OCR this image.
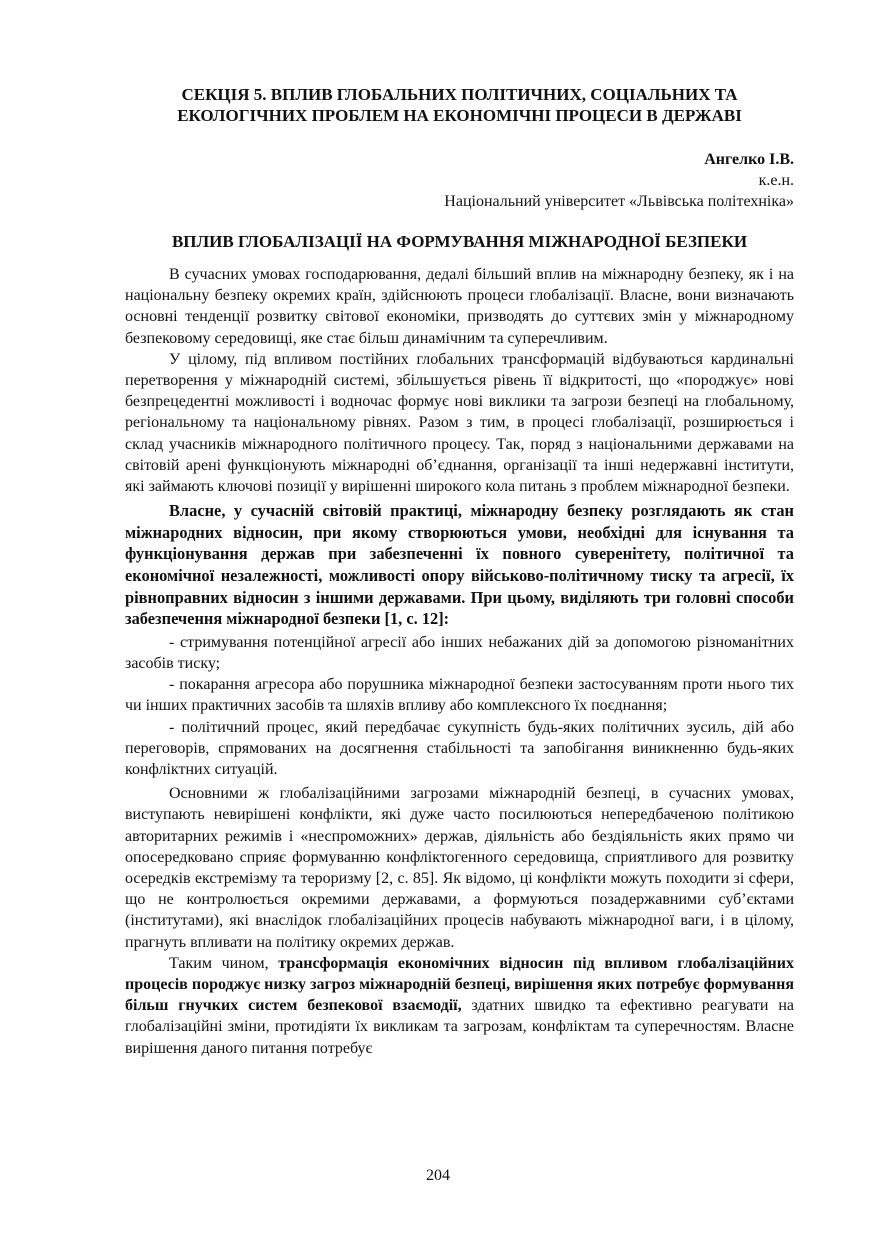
СЕКЦІЯ 5. ВПЛИВ ГЛОБАЛЬНИХ ПОЛІТИЧНИХ, СОЦІАЛЬНИХ ТА
ЕКОЛОГІЧНИХ ПРОБЛЕМ НА ЕКОНОМІЧНІ ПРОЦЕСИ В ДЕРЖАВІ
Ангелко І.В.
к.е.н.
Національний університет «Львівська політехніка»
ВПЛИВ ГЛОБАЛІЗАЦІЇ НА ФОРМУВАННЯ МІЖНАРОДНОЇ БЕЗПЕКИ

В сучасних умовах господарювання, дедалі більший вплив на міжнародну безпеку, як і на національну безпеку окремих країн, здійснюють процеси глобалізації. Власне, вони визначають основні тенденції розвитку світової економіки, призводять до суттєвих змін у міжнародному безпековому середовищі, яке стає більш динамічним та суперечливим.

У цілому, під впливом постійних глобальних трансформацій відбуваються кардинальні перетворення у міжнародній системі, збільшується рівень її відкритості, що «породжує» нові безпрецедентні можливості і водночас формує нові виклики та загрози безпеці на глобальному, регіональному та національному рівнях. Разом з тим, в процесі глобалізації, розширюється і склад учасників міжнародного політичного процесу. Так, поряд з національними державами на світовій арені функціонують міжнародні об’єднання, організації та інші недержавні інститути, які займають ключові позиції у вирішенні широкого кола питань з проблем міжнародної безпеки.

Власне, у сучасній світовій практиці, міжнародну безпеку розглядають як стан міжнародних відносин, при якому створюються умови, необхідні для існування та функціонування держав при забезпеченні їх повного суверенітету, політичної та економічної незалежності, можливості опору військово-політичному тиску та агресії, їх рівноправних відносин з іншими державами. При цьому, виділяють три головні способи забезпечення міжнародної безпеки [1, с. 12]:

- стримування потенційної агресії або інших небажаних дій за допомогою різноманітних засобів тиску;

- покарання агресора або порушника міжнародної безпеки застосуванням проти нього тих чи інших практичних засобів та шляхів впливу або комплексного їх поєднання;

- політичний процес, який передбачає сукупність будь-яких політичних зусиль, дій або переговорів, спрямованих на досягнення стабільності та запобігання виникненню будь-яких конфліктних ситуацій.

Основними ж глобалізаційними загрозами міжнародній безпеці, в сучасних умовах, виступають невирішені конфлікти, які дуже часто посилюються непередбаченою політикою авторитарних режимів і «неспроможних» держав, діяльність або бездіяльність яких прямо чи опосередковано сприяє формуванню конфліктогенного середовища, сприятливого для розвитку осередків екстремізму та тероризму [2, с. 85]. Як відомо, ці конфлікти можуть походити зі сфери, що не контролюється окремими державами, а формуються позадержавними суб’єктами (інститутами), які внаслідок глобалізаційних процесів набувають міжнародної ваги, і в цілому, прагнуть впливати на політику окремих держав.

Таким чином, трансформація економічних відносин під впливом глобалізаційних процесів породжує низку загроз міжнародній безпеці, вирішення яких потребує формування більш гнучких систем безпекової взаємодії, здатних швидко та ефективно реагувати на глобалізаційні зміни, протидіяти їх викликам та загрозам, конфліктам та суперечностям. Власне вирішення даного питання потребує

204
